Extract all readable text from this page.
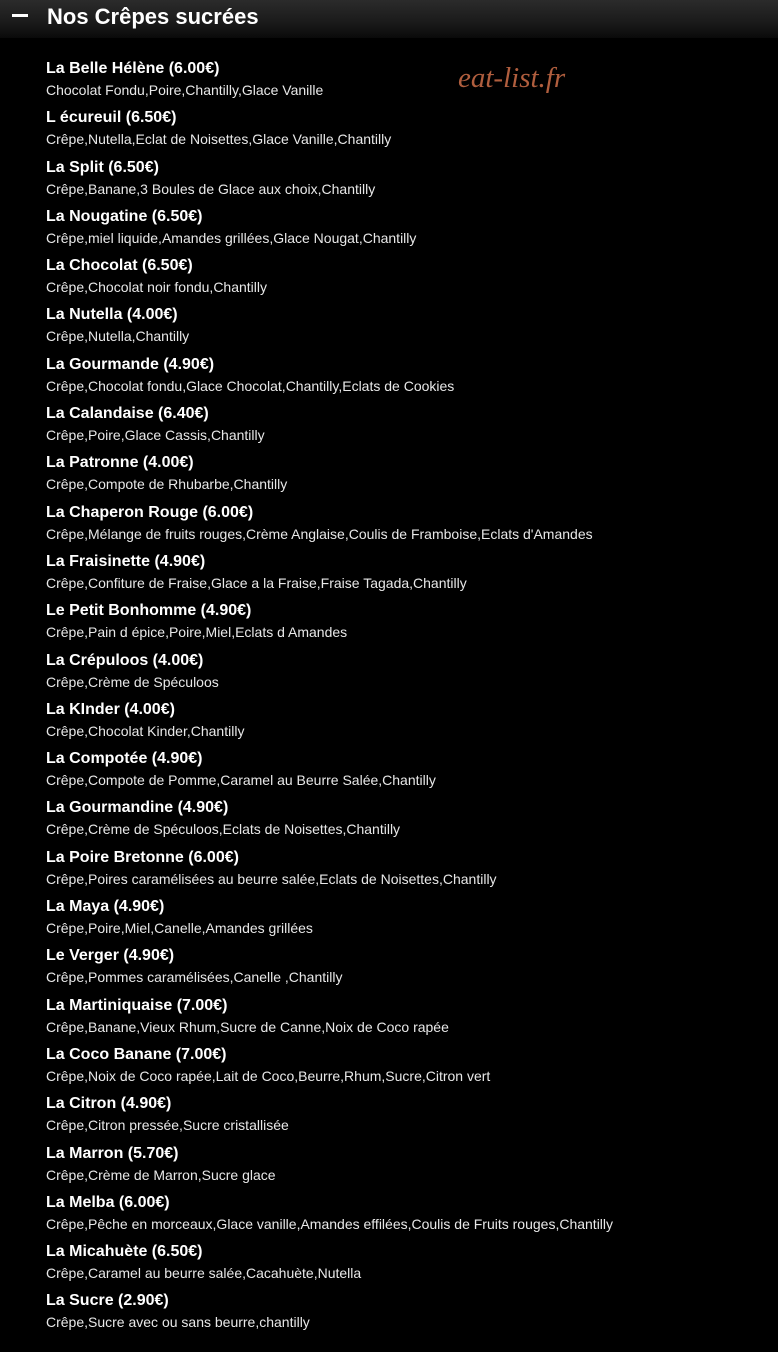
Nos Crêpes sucrées
eat-list.fr
La Belle Hélène (6.00€)
Chocolat Fondu,Poire,Chantilly,Glace Vanille
L écureuil (6.50€)
Crêpe,Nutella,Eclat de Noisettes,Glace Vanille,Chantilly
La Split (6.50€)
Crêpe,Banane,3 Boules de Glace aux choix,Chantilly
La Nougatine (6.50€)
Crêpe,miel liquide,Amandes grillées,Glace Nougat,Chantilly
La Chocolat (6.50€)
Crêpe,Chocolat noir fondu,Chantilly
La Nutella (4.00€)
Crêpe,Nutella,Chantilly
La Gourmande (4.90€)
Crêpe,Chocolat fondu,Glace Chocolat,Chantilly,Eclats de Cookies
La Calandaise (6.40€)
Crêpe,Poire,Glace Cassis,Chantilly
La Patronne (4.00€)
Crêpe,Compote de Rhubarbe,Chantilly
La Chaperon Rouge (6.00€)
Crêpe,Mélange de fruits rouges,Crème Anglaise,Coulis de Framboise,Eclats d'Amandes
La Fraisinette (4.90€)
Crêpe,Confiture de Fraise,Glace a la Fraise,Fraise Tagada,Chantilly
Le Petit Bonhomme (4.90€)
Crêpe,Pain d épice,Poire,Miel,Eclats d Amandes
La Crépuloos (4.00€)
Crêpe,Crème de Spéculoos
La KInder (4.00€)
Crêpe,Chocolat Kinder,Chantilly
La Compotée (4.90€)
Crêpe,Compote de Pomme,Caramel au Beurre Salée,Chantilly
La Gourmandine (4.90€)
Crêpe,Crème de Spéculoos,Eclats de Noisettes,Chantilly
La Poire Bretonne (6.00€)
Crêpe,Poires caramélisées au beurre salée,Eclats de Noisettes,Chantilly
La Maya (4.90€)
Crêpe,Poire,Miel,Canelle,Amandes grillées
Le Verger (4.90€)
Crêpe,Pommes caramélisées,Canelle ,Chantilly
La Martiniquaise (7.00€)
Crêpe,Banane,Vieux Rhum,Sucre de Canne,Noix de Coco rapée
La Coco Banane (7.00€)
Crêpe,Noix de Coco rapée,Lait de Coco,Beurre,Rhum,Sucre,Citron vert
La Citron (4.90€)
Crêpe,Citron pressée,Sucre cristallisée
La Marron (5.70€)
Crêpe,Crème de Marron,Sucre glace
La Melba (6.00€)
Crêpe,Pêche en morceaux,Glace vanille,Amandes effilées,Coulis de Fruits rouges,Chantilly
La Micahuète (6.50€)
Crêpe,Caramel au beurre salée,Cacahuète,Nutella
La Sucre (2.90€)
Crêpe,Sucre avec ou sans beurre,chantilly
